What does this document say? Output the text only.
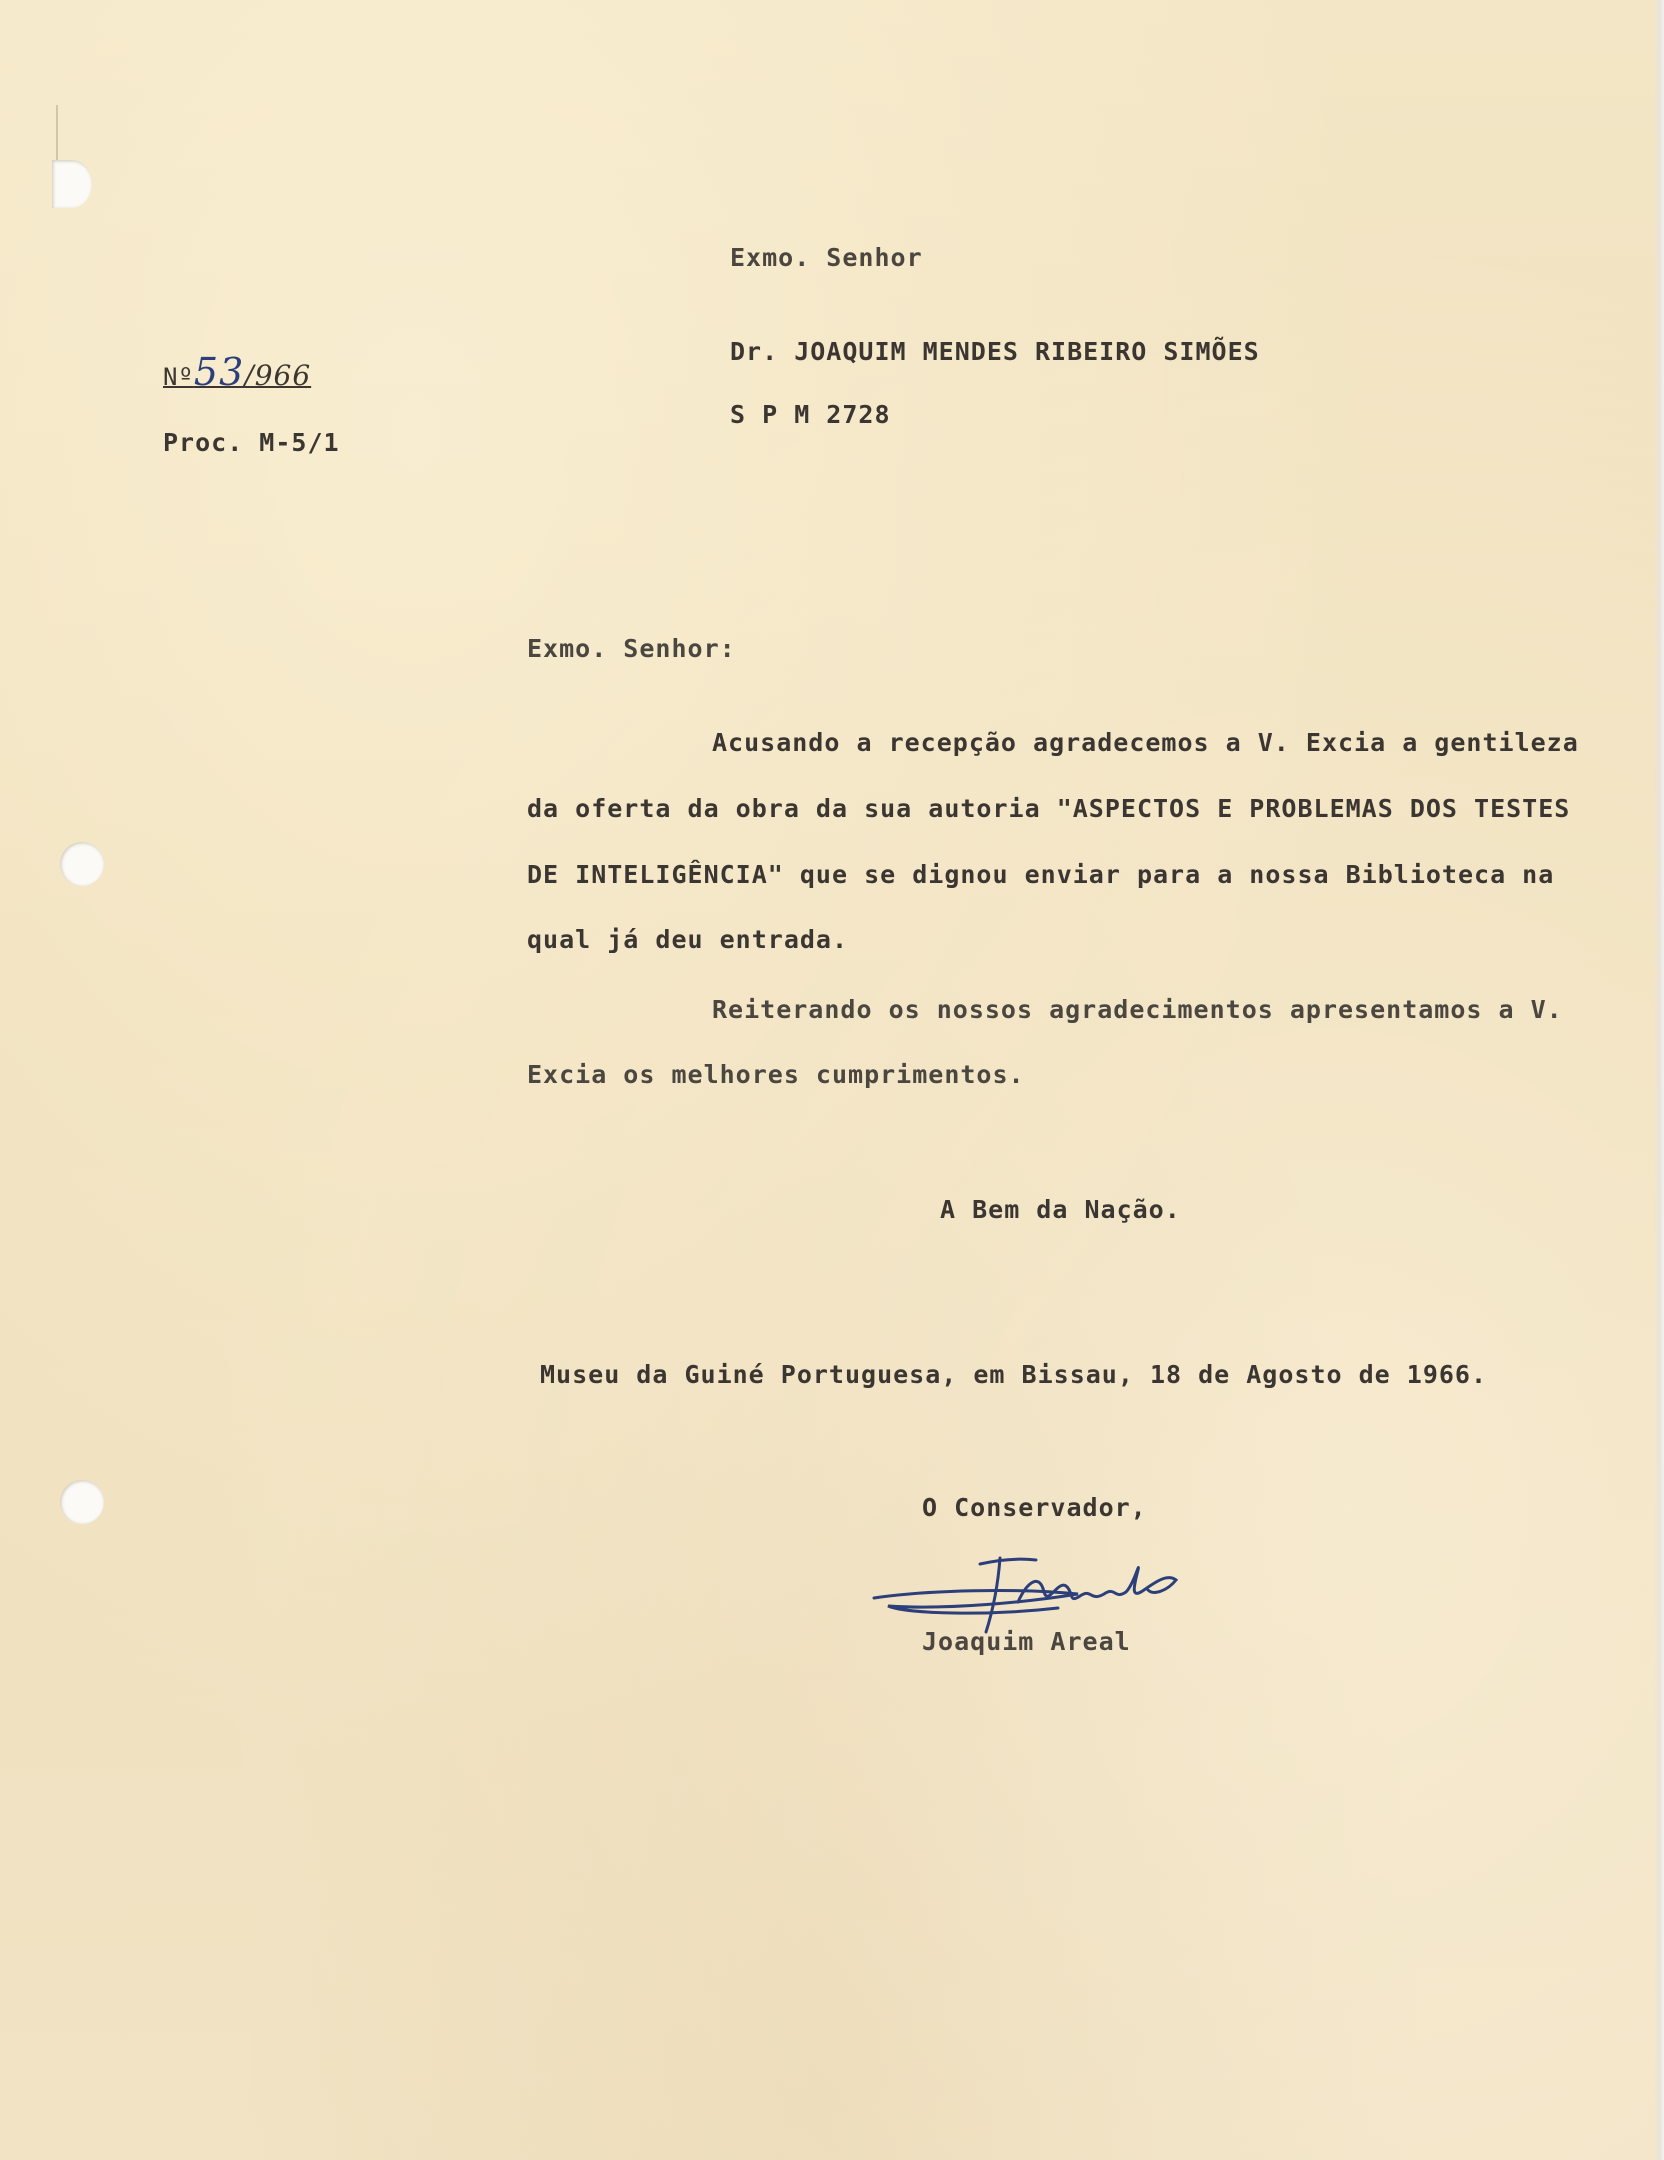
Exmo. Senhor
Dr. JOAQUIM MENDES RIBEIRO SIMÕES
S P M 2728
Nº53/966
Proc. M-5/1
Exmo. Senhor:
Acusando a recepção agradecemos a V. Excia a gentileza
da oferta da obra da sua autoria "ASPECTOS E PROBLEMAS DOS TESTES
DE INTELIGÊNCIA" que se dignou enviar para a nossa Biblioteca na
qual já deu entrada.
Reiterando os nossos agradecimentos apresentamos a V.
Excia os melhores cumprimentos.
A Bem da Nação.
Museu da Guiné Portuguesa, em Bissau, 18 de Agosto de 1966.
O Conservador,
Joaquim Areal
